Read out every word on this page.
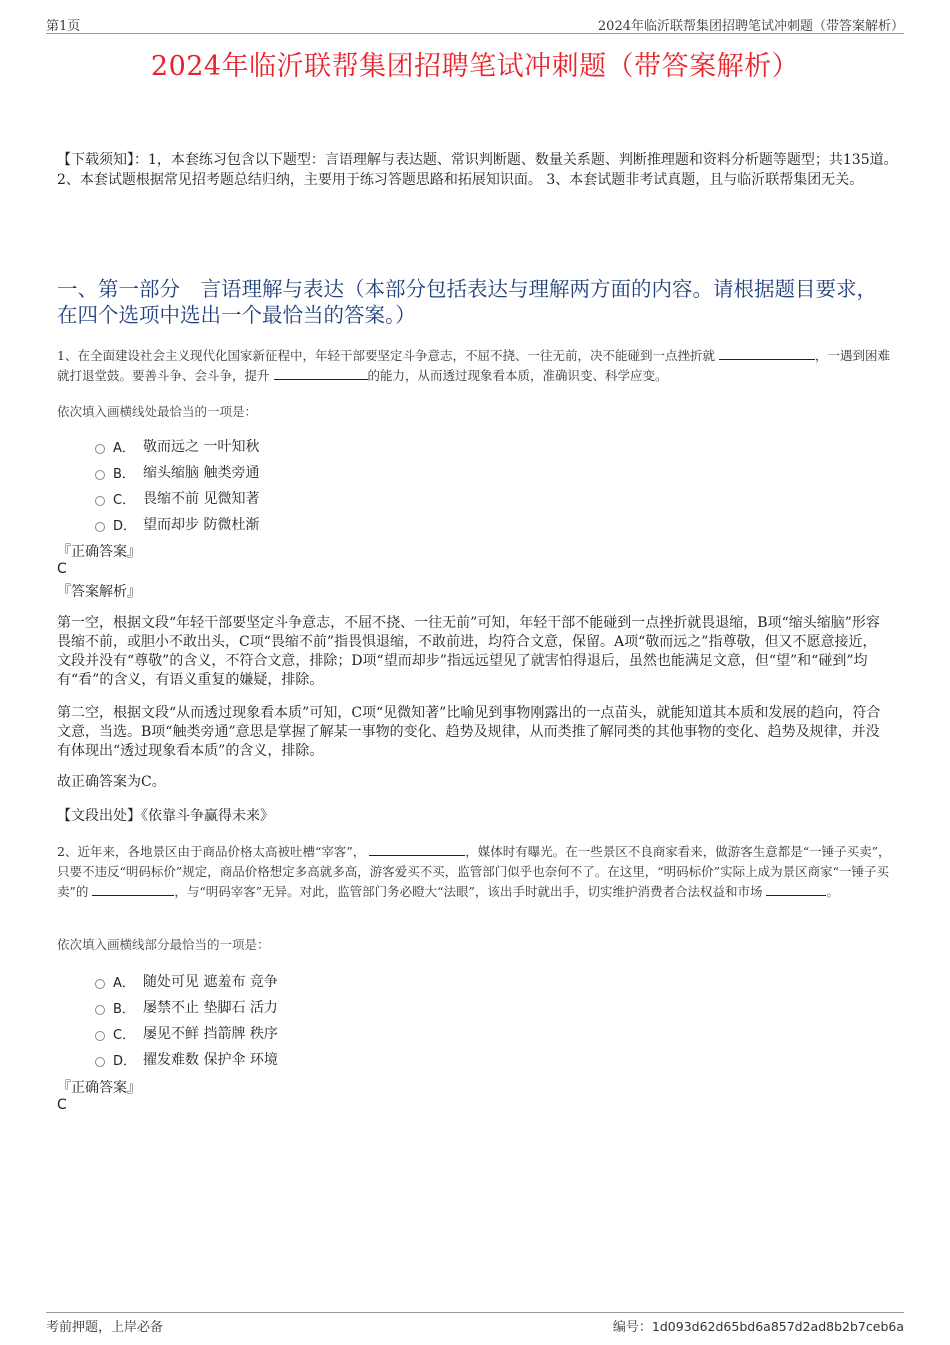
第1页	2024年临沂联帮集团招聘笔试冲刺题（带答案解析）
2024年临沂联帮集团招聘笔试冲刺题（带答案解析）
【下载须知】：1，本套练习包含以下题型：言语理解与表达题、常识判断题、数量关系题、判断推理题和资料分析题等题型；共135道。 2、本套试题根据常见招考题总结归纳，主要用于练习答题思路和拓展知识面。 3、本套试题非考试真题，且与临沂联帮集团无关。
一、第一部分　言语理解与表达（本部分包括表达与理解两方面的内容。请根据题目要求，在四个选项中选出一个最恰当的答案。）
1、在全面建设社会主义现代化国家新征程中，年轻干部要坚定斗争意志，不屈不挠、一往无前，决不能碰到一点挫折就	，一遇到困难就打退堂鼓。要善斗争、会斗争，提升	的能力，从而透过现象看本质，准确识变、科学应变。
依次填入画横线处最恰当的一项是：
A． 敬而远之 一叶知秋
B． 缩头缩脑 触类旁通
C． 畏缩不前 见微知著
D． 望而却步 防微杜渐
『正确答案』
C
『答案解析』
第一空，根据文段“年轻干部要坚定斗争意志，不屈不挠、一往无前”可知，年轻干部不能碰到一点挫折就畏退缩，B项“缩头缩脑”形容畏缩不前，或胆小不敢出头，C项“畏缩不前”指畏惧退缩，不敢前进，均符合文意，保留。A项“敬而远之”指尊敬，但又不愿意接近，文段并没有“尊敬”的含义，不符合文意，排除；D项“望而却步”指远远望见了就害怕得退后，虽然也能满足文意，但“望”和“碰到”均有“看”的含义，有语义重复的嫌疑，排除。
第二空，根据文段“从而透过现象看本质”可知，C项“见微知著”比喻见到事物刚露出的一点苗头，就能知道其本质和发展的趋向，符合文意，当选。B项“触类旁通”意思是掌握了解某一事物的变化、趋势及规律，从而类推了解同类的其他事物的变化、趋势及规律，并没有体现出“透过现象看本质”的含义，排除。
故正确答案为C。
【文段出处】《依靠斗争赢得未来》
2、近年来，各地景区由于商品价格太高被吐槽“宰客”，	，媒体时有曝光。在一些景区不良商家看来，做游客生意都是“一锤子买卖”，只要不违反“明码标价”规定，商品价格想定多高就多高，游客爱买不买，监管部门似乎也奈何不了。在这里，“明码标价”实际上成为景区商家“一锤子买卖”的	，与“明码宰客”无异。对此，监管部门务必瞪大“法眼”，该出手时就出手，切实维护消费者合法权益和市场	。
依次填入画横线部分最恰当的一项是：
A． 随处可见 遮羞布 竞争
B． 屡禁不止 垫脚石 活力
C． 屡见不鲜 挡箭牌 秩序
D． 擢发难数 保护伞 环境
『正确答案』
C
考前押题，上岸必备	编号：1d093d62d65bd6a857d2ad8b2b7ceb6a
